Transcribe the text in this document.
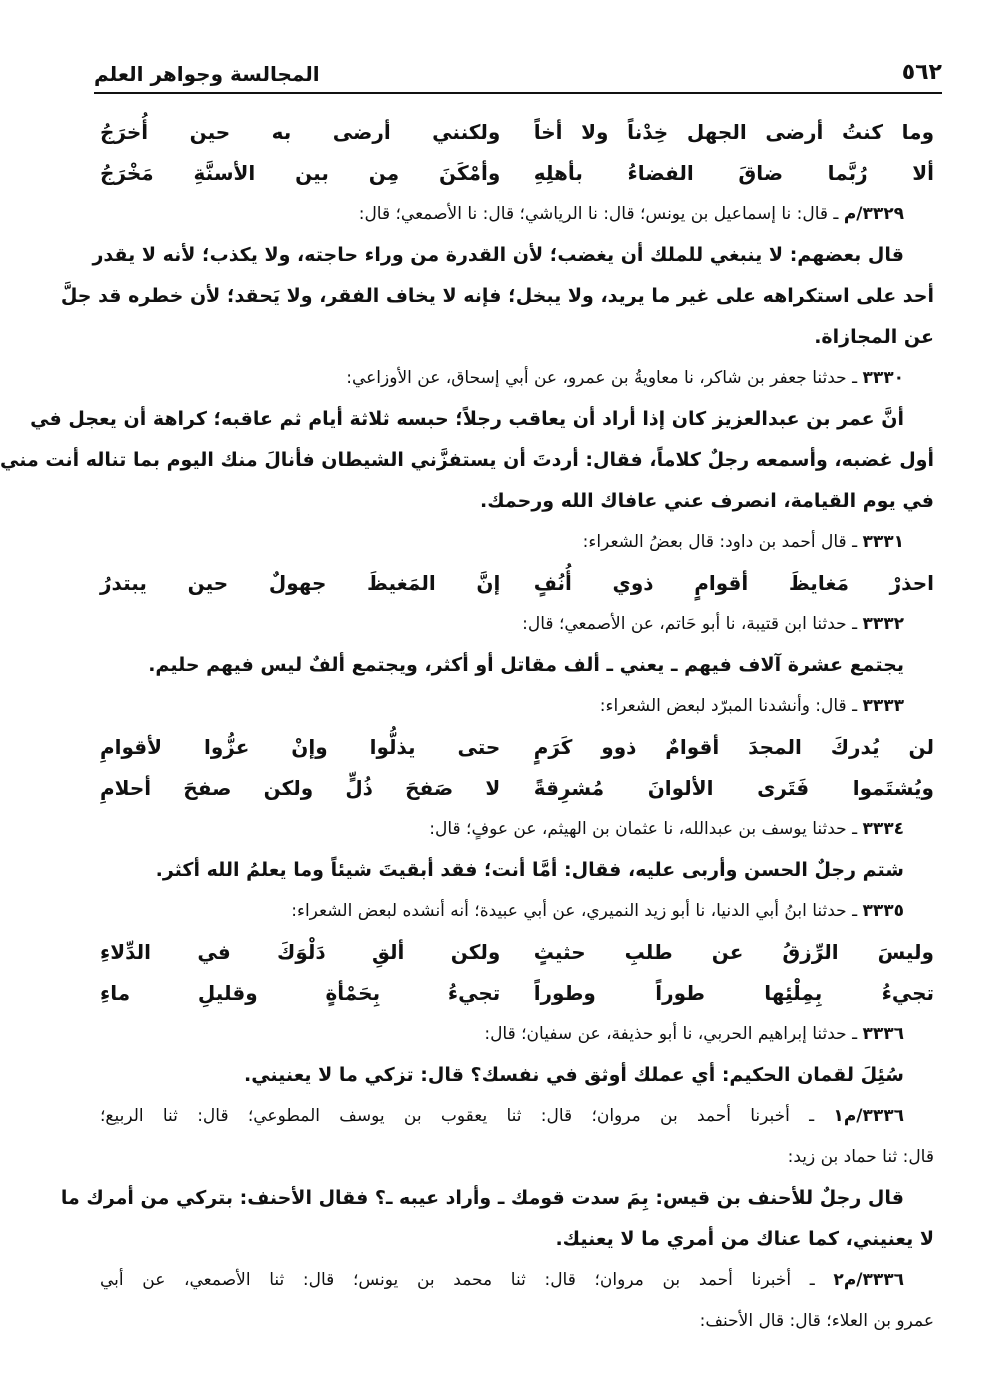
٥٦٢
المجالسة وجواهر العلم
وما كنتُ أرضى الجهل خِدْناً ولا أخاً
ولكنني أرضى به حين أُخرَجُ
ألا رُبَّما ضاقَ الفضاءُ بأهلِهِ
وأمْكَنَ مِن بين الأسنَّةِ مَخْرَجُ
٣٣٢٩/م ـ قال: نا إسماعيل بن يونس؛ قال: نا الرياشي؛ قال: نا الأصمعي؛ قال:
قال بعضهم: لا ينبغي للملك أن يغضب؛ لأن القدرة من وراء حاجته، ولا يكذب؛ لأنه لا يقدر
أحد على استكراهه على غير ما يريد، ولا يبخل؛ فإنه لا يخاف الفقر، ولا يَحقد؛ لأن خطره قد جلَّ
عن المجازاة.
٣٣٣٠ ـ حدثنا جعفر بن شاكر، نا معاويةُ بن عمرو، عن أبي إسحاق، عن الأوزاعي:
أنَّ عمر بن عبدالعزيز كان إذا أراد أن يعاقب رجلاً؛ حبسه ثلاثة أيام ثم عاقبه؛ كراهة أن يعجل في
أول غضبه، وأسمعه رجلٌ كلاماً، فقال: أردتَ أن يستفزَّني الشيطان فأنالَ منك اليوم بما تناله أنت مني
في يوم القيامة، انصرف عني عافاك الله ورحمك.
٣٣٣١ ـ قال أحمد بن داود: قال بعضُ الشعراء:
احذرْ مَغايظَ أقوامٍ ذوي أُنُفٍ
إنَّ المَغيظَ جهولٌ حين يبتدرُ
٣٣٣٢ ـ حدثنا ابن قتيبة، نا أبو حَاتم، عن الأصمعي؛ قال:
يجتمع عشرة آلاف فيهم ـ يعني ـ ألف مقاتل أو أكثر، ويجتمع ألفٌ ليس فيهم حليم.
٣٣٣٣ ـ قال: وأنشدنا المبرّد لبعض الشعراء:
لن يُدركَ المجدَ أقوامٌ ذوو كَرَمٍ
حتى يذلُّوا وإنْ عزُّوا لأقوامِ
ويُشتَموا فَتَرى الألوانَ مُشرِقةً
لا صَفحَ ذُلٍّ ولكن صفحَ أحلامِ
٣٣٣٤ ـ حدثنا يوسف بن عبدالله، نا عثمان بن الهيثم، عن عوفٍ؛ قال:
شتم رجلٌ الحسن وأربى عليه، فقال: أمَّا أنت؛ فقد أبقيتَ شيئاً وما يعلمُ الله أكثر.
٣٣٣٥ ـ حدثنا ابنُ أبي الدنيا، نا أبو زيد النميري، عن أبي عبيدة؛ أنه أنشده لبعض الشعراء:
وليسَ الرِّزقُ عن طلبِ حثيثٍ
ولكن ألقِ دَلْوَكَ في الدِّلاءِ
تجيءُ بِمِلْئِها طوراً وطوراً
تجيءُ بِحَمْأةٍ وقليلِ ماءِ
٣٣٣٦ ـ حدثنا إبراهيم الحربي، نا أبو حذيفة، عن سفيان؛ قال:
سُئِلَ لقمان الحكيم: أي عملك أوثق في نفسك؟ قال: تزكي ما لا يعنيني.
٣٣٣٦/م١ ـ أخبرنا أحمد بن مروان؛ قال: ثنا يعقوب بن يوسف المطوعي؛ قال: ثنا الربيع؛
قال: ثنا حماد بن زيد:
قال رجلٌ للأحنف بن قيس: بِمَ سدت قومك ـ وأراد عيبه ـ؟ فقال الأحنف: بتركي من أمرك ما
لا يعنيني، كما عناك من أمري ما لا يعنيك.
٣٣٣٦/م٢ ـ أخبرنا أحمد بن مروان؛ قال: ثنا محمد بن يونس؛ قال: ثنا الأصمعي، عن أبي
عمرو بن العلاء؛ قال: قال الأحنف:
